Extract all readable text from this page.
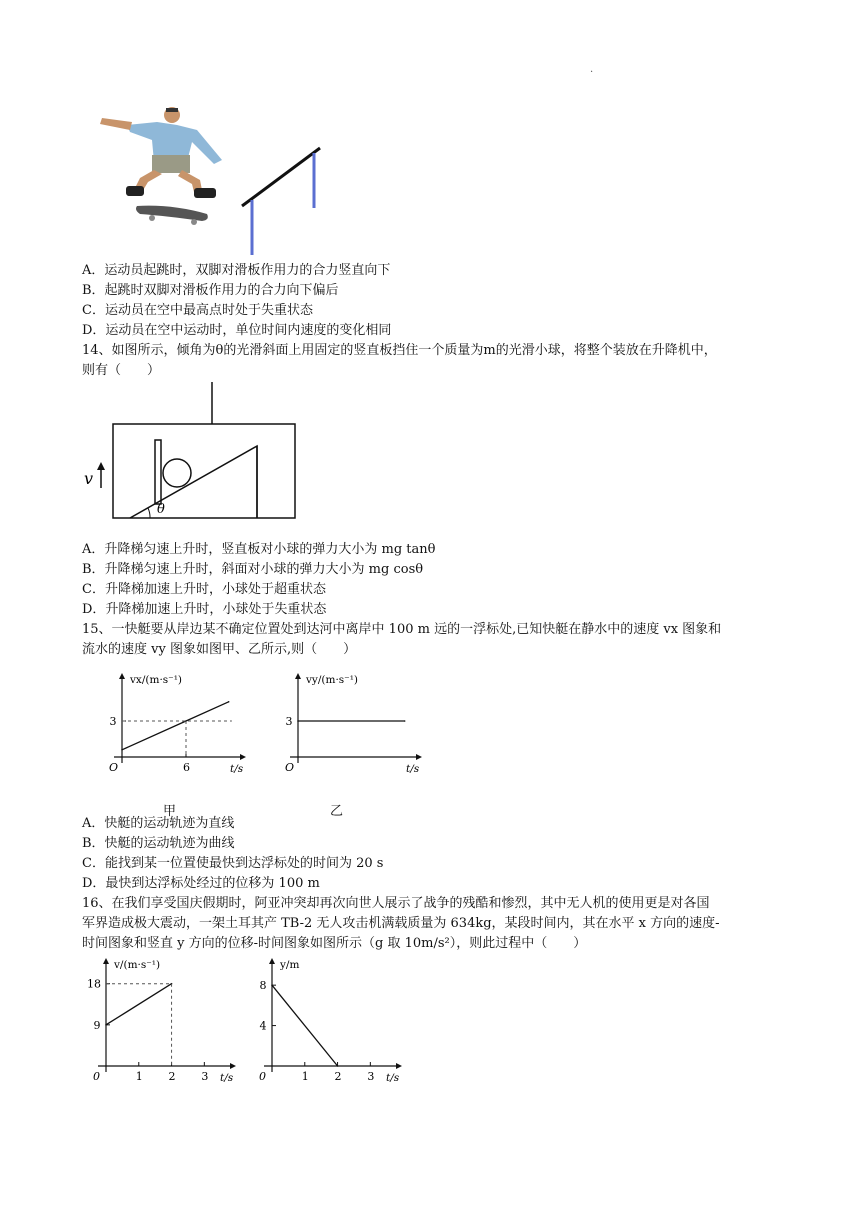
.
A．运动员起跳时，双脚对滑板作用力的合力竖直向下
B．起跳时双脚对滑板作用力的合力向下偏后
C．运动员在空中最高点时处于失重状态
D．运动员在空中运动时，单位时间内速度的变化相同
14、如图所示，倾角为θ的光滑斜面上用固定的竖直板挡住一个质量为m的光滑小球，将整个装放在升降机中，
则有（　　）
θ
v
A．升降梯匀速上升时，竖直板对小球的弹力大小为 mg tanθ
B．升降梯匀速上升时，斜面对小球的弹力大小为 mg cosθ
C．升降梯加速上升时，小球处于超重状态
D．升降梯加速上升时，小球处于失重状态
15、一快艇要从岸边某不确定位置处到达河中离岸中 100 m 远的一浮标处,已知快艇在静水中的速度 vx 图象和
流水的速度 vy 图象如图甲、乙所示,则（　　）
vx/(m·s⁻¹)
t/s
O	6
3
vy/(m·s⁻¹)
t/s
O
3
甲	乙
A．快艇的运动轨迹为直线
B．快艇的运动轨迹为曲线
C．能找到某一位置使最快到达浮标处的时间为 20 s
D．最快到达浮标处经过的位移为 100 m
16、在我们享受国庆假期时，阿亚冲突却再次向世人展示了战争的残酷和惨烈，其中无人机的使用更是对各国
军界造成极大震动，一架土耳其产 TB-2 无人攻击机满载质量为 634kg，某段时间内，其在水平 x 方向的速度-
时间图象和竖直 y 方向的位移-时间图象如图所示（g 取 10m/s²），则此过程中（　　）
v/(m·s⁻¹)
t/s
0	1 2 3
9
18
y/m
t/s
0	1 2 3
4
8
